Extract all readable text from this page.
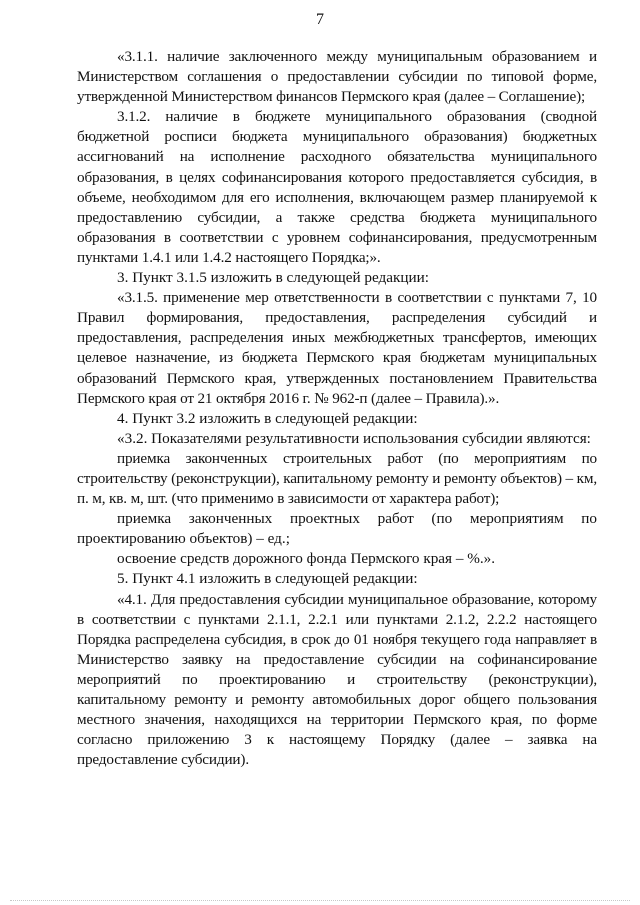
7

«3.1.1. наличие заключенного между муниципальным образованием и Министерством соглашения о предоставлении субсидии по типовой форме, утвержденной Министерством финансов Пермского края (далее – Соглашение);

3.1.2. наличие в бюджете муниципального образования (сводной бюджетной росписи бюджета муниципального образования) бюджетных ассигнований на исполнение расходного обязательства муниципального образования, в целях софинансирования которого предоставляется субсидия, в объеме, необходимом для его исполнения, включающем размер планируемой к предоставлению субсидии, а также средства бюджета муниципального образования в соответствии с уровнем софинансирования, предусмотренным пунктами 1.4.1 или 1.4.2 настоящего Порядка;».

3. Пункт 3.1.5 изложить в следующей редакции:

«3.1.5. применение мер ответственности в соответствии с пунктами 7, 10 Правил формирования, предоставления, распределения субсидий и предоставления, распределения иных межбюджетных трансфертов, имеющих целевое назначение, из бюджета Пермского края бюджетам муниципальных образований Пермского края, утвержденных постановлением Правительства Пермского края от 21 октября 2016 г. № 962-п (далее – Правила).».

4. Пункт 3.2 изложить в следующей редакции:

«3.2. Показателями результативности использования субсидии являются:

приемка законченных строительных работ (по мероприятиям по строительству (реконструкции), капитальному ремонту и ремонту объектов) – км, п. м, кв. м, шт. (что применимо в зависимости от характера работ);

приемка законченных проектных работ (по мероприятиям по проектированию объектов) – ед.;

освоение средств дорожного фонда Пермского края – %.».

5. Пункт 4.1 изложить в следующей редакции:

«4.1. Для предоставления субсидии муниципальное образование, которому в соответствии с пунктами 2.1.1, 2.2.1 или пунктами 2.1.2, 2.2.2 настоящего Порядка распределена субсидия, в срок до 01 ноября текущего года направляет в Министерство заявку на предоставление субсидии на софинансирование мероприятий по проектированию и строительству (реконструкции), капитальному ремонту и ремонту автомобильных дорог общего пользования местного значения, находящихся на территории Пермского края, по форме согласно приложению 3 к настоящему Порядку (далее – заявка на предоставление субсидии).
